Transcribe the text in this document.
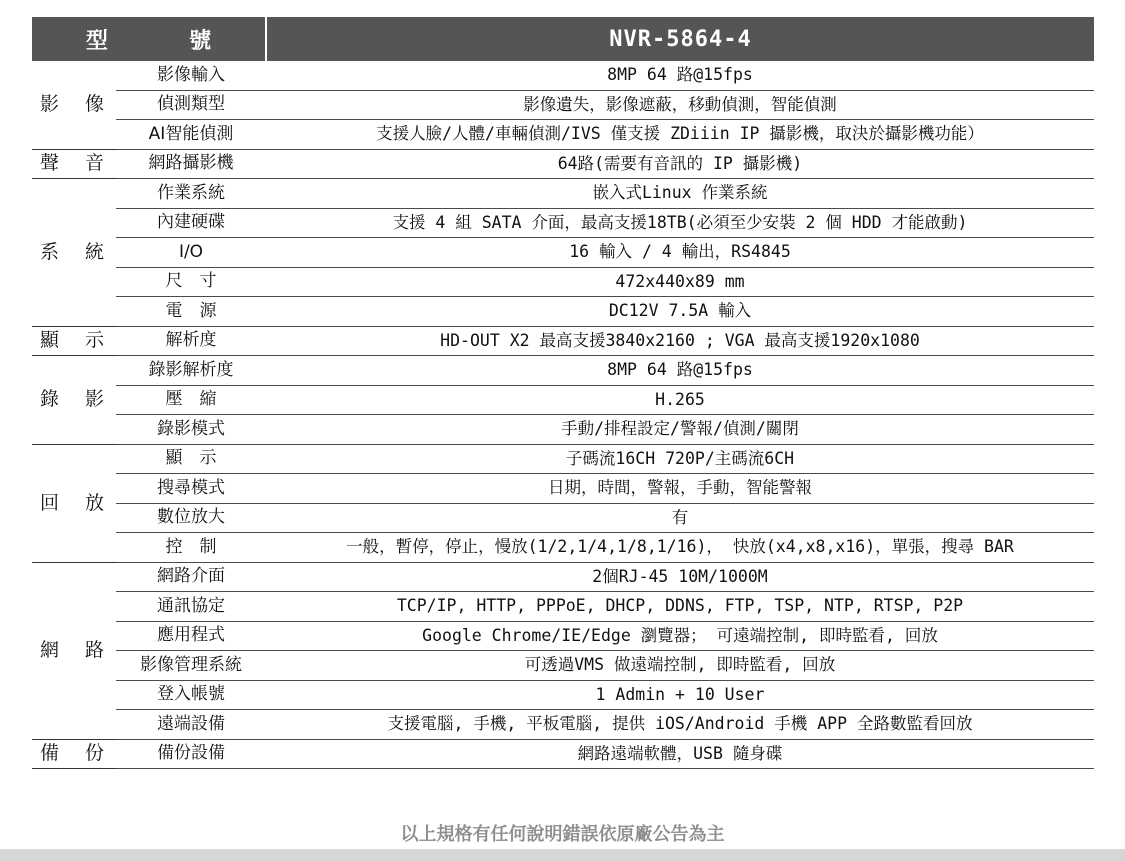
型 號		NVR-5864-4
影 像	影像輸入	8MP 64 路@15fps
	偵測類型	影像遺失，影像遮蔽，移動偵測，智能偵測
	AI智能偵測	支援人臉/人體/車輛偵測/IVS 僅支援 ZDiiin IP 攝影機，取決於攝影機功能）
聲 音	網路攝影機	64路(需要有音訊的 IP 攝影機)
系 統	作業系統	嵌入式Linux 作業系統
	內建硬碟	支援 4 組 SATA 介面，最高支援18TB(必須至少安裝 2 個 HDD 才能啟動)
	I/O	16 輸入 / 4 輸出，RS4845
	尺　寸	472x440x89 mm
	電　源	DC12V 7.5A 輸入
顯 示	解析度	HD-OUT X2 最高支援3840x2160 ; VGA 最高支援1920x1080
錄 影	錄影解析度	8MP 64 路@15fps
	壓　縮	H.265
	錄影模式	手動/排程設定/警報/偵測/關閉
回 放	顯　示	子碼流16CH 720P/主碼流6CH
	搜尋模式	日期，時間，警報，手動，智能警報
	數位放大	有
	控　制	一般，暫停，停止，慢放(1/2,1/4,1/8,1/16)， 快放(x4,x8,x16)，單張，搜尋 BAR
網 路	網路介面	2個RJ-45 10M/1000M
	通訊協定	TCP/IP, HTTP, PPPoE, DHCP, DDNS, FTP, TSP, NTP, RTSP, P2P
	應用程式	Google Chrome/IE/Edge 瀏覽器； 可遠端控制, 即時監看, 回放
	影像管理系統	可透過VMS 做遠端控制, 即時監看, 回放
	登入帳號	1 Admin + 10 User
	遠端設備	支援電腦, 手機, 平板電腦, 提供 iOS/Android 手機 APP 全路數監看回放
備 份	備份設備	網路遠端軟體，USB 隨身碟
以上規格有任何說明錯誤依原廠公告為主
